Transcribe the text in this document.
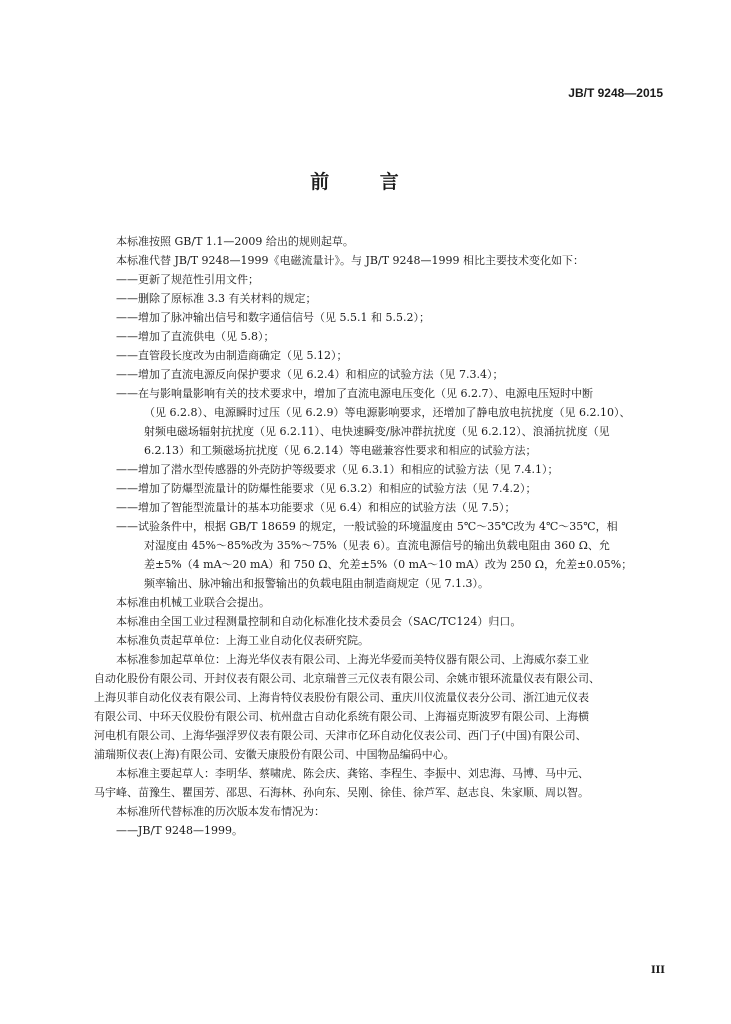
JB/T 9248—2015
前 言

本标准按照 GB/T 1.1—2009 给出的规则起草。

本标准代替 JB/T 9248—1999《电磁流量计》。与 JB/T 9248—1999 相比主要技术变化如下：

——更新了规范性引用文件；

——删除了原标准 3.3 有关材料的规定；

——增加了脉冲输出信号和数字通信信号（见 5.5.1 和 5.5.2）；

——增加了直流供电（见 5.8）；

——直管段长度改为由制造商确定（见 5.12）；

——增加了直流电源反向保护要求（见 6.2.4）和相应的试验方法（见 7.3.4）；

——在与影响量影响有关的技术要求中，增加了直流电源电压变化（见 6.2.7）、电源电压短时中断

（见 6.2.8）、电源瞬时过压（见 6.2.9）等电源影响要求，还增加了静电放电抗扰度（见 6.2.10）、

射频电磁场辐射抗扰度（见 6.2.11）、电快速瞬变/脉冲群抗扰度（见 6.2.12）、浪涌抗扰度（见

6.2.13）和工频磁场抗扰度（见 6.2.14）等电磁兼容性要求和相应的试验方法；

——增加了潜水型传感器的外壳防护等级要求（见 6.3.1）和相应的试验方法（见 7.4.1）；

——增加了防爆型流量计的防爆性能要求（见 6.3.2）和相应的试验方法（见 7.4.2）；

——增加了智能型流量计的基本功能要求（见 6.4）和相应的试验方法（见 7.5）；

——试验条件中，根据 GB/T 18659 的规定，一般试验的环境温度由 5℃～35℃改为 4℃～35℃，相

对湿度由 45%～85%改为 35%～75%（见表 6）。直流电源信号的输出负载电阻由 360 Ω、允

差±5%（4 mA～20 mA）和 750 Ω、允差±5%（0 mA～10 mA）改为 250 Ω，允差±0.05%；

频率输出、脉冲输出和报警输出的负载电阻由制造商规定（见 7.1.3）。

本标准由机械工业联合会提出。

本标准由全国工业过程测量控制和自动化标准化技术委员会（SAC/TC124）归口。

本标准负责起草单位：上海工业自动化仪表研究院。

本标准参加起草单位：上海光华仪表有限公司、上海光华爱而美特仪器有限公司、上海威尔泰工业

自动化股份有限公司、开封仪表有限公司、北京瑞普三元仪表有限公司、余姚市银环流量仪表有限公司、

上海贝菲自动化仪表有限公司、上海肯特仪表股份有限公司、重庆川仪流量仪表分公司、浙江迪元仪表

有限公司、中环天仪股份有限公司、杭州盘古自动化系统有限公司、上海福克斯波罗有限公司、上海横

河电机有限公司、上海华强浮罗仪表有限公司、天津市亿环自动化仪表公司、西门子(中国)有限公司、

浦瑞斯仪表(上海)有限公司、安徽天康股份有限公司、中国物品编码中心。

本标准主要起草人：李明华、蔡啸虎、陈会庆、龚铭、李程生、李振中、刘忠海、马博、马中元、

马宇峰、苗豫生、瞿国芳、邵思、石海林、孙向东、吴刚、徐佳、徐芦军、赵志良、朱家顺、周以智。

本标准所代替标准的历次版本发布情况为：

——JB/T 9248—1999。

III
